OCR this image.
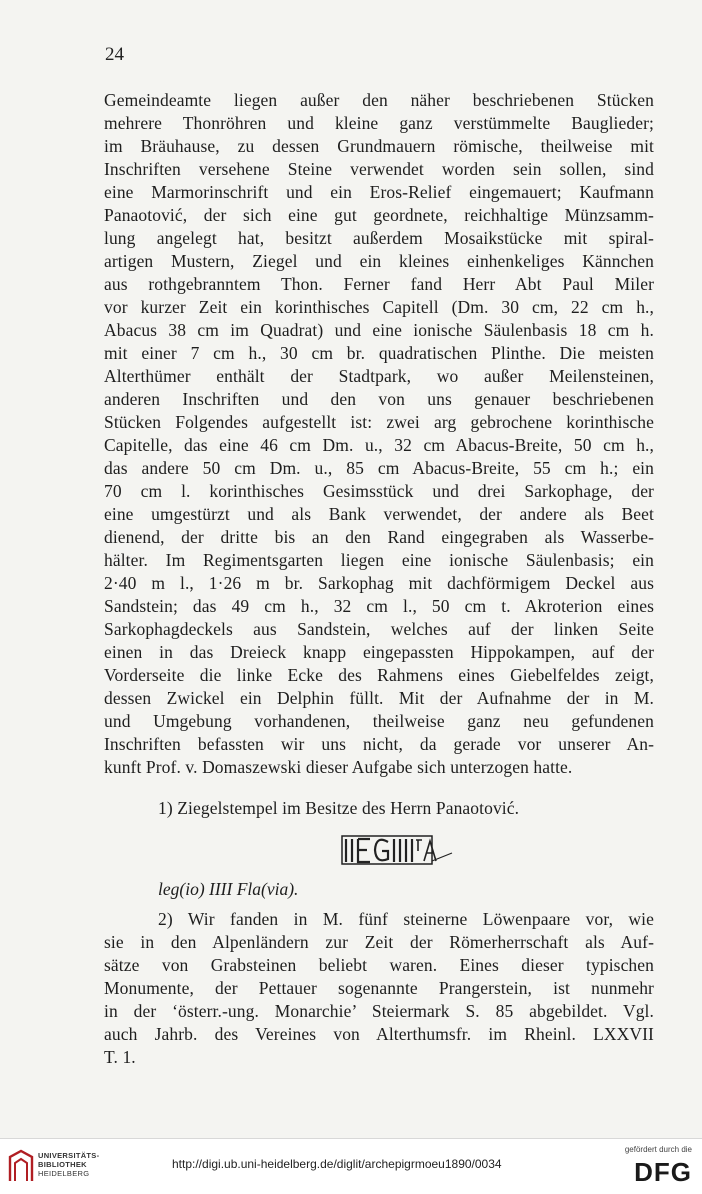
24
Gemeindeamte liegen außer den näher beschriebenen Stücken
mehrere Thonröhren und kleine ganz verstümmelte Bauglieder;
im Bräuhause, zu dessen Grundmauern römische, theilweise mit
Inschriften versehene Steine verwendet worden sein sollen, sind
eine Marmorinschrift und ein Eros-Relief eingemauert; Kaufmann
Panaotović, der sich eine gut geordnete, reichhaltige Münzsamm-
lung angelegt hat, besitzt außerdem Mosaikstücke mit spiral-
artigen Mustern, Ziegel und ein kleines einhenkeliges Kännchen
aus rothgebranntem Thon. Ferner fand Herr Abt Paul Miler
vor kurzer Zeit ein korinthisches Capitell (Dm. 30 cm, 22 cm h.,
Abacus 38 cm im Quadrat) und eine ionische Säulenbasis 18 cm h.
mit einer 7 cm h., 30 cm br. quadratischen Plinthe. Die meisten
Alterthümer enthält der Stadtpark, wo außer Meilensteinen,
anderen Inschriften und den von uns genauer beschriebenen
Stücken Folgendes aufgestellt ist: zwei arg gebrochene korinthische
Capitelle, das eine 46 cm Dm. u., 32 cm Abacus-Breite, 50 cm h.,
das andere 50 cm Dm. u., 85 cm Abacus-Breite, 55 cm h.; ein
70 cm l. korinthisches Gesimsstück und drei Sarkophage, der
eine umgestürzt und als Bank verwendet, der andere als Beet
dienend, der dritte bis an den Rand eingegraben als Wasserbe-
hälter. Im Regimentsgarten liegen eine ionische Säulenbasis; ein
2·40 m l., 1·26 m br. Sarkophag mit dachförmigem Deckel aus
Sandstein; das 49 cm h., 32 cm l., 50 cm t. Akroterion eines
Sarkophagdeckels aus Sandstein, welches auf der linken Seite
einen in das Dreieck knapp eingepassten Hippokampen, auf der
Vorderseite die linke Ecke des Rahmens eines Giebelfeldes zeigt,
dessen Zwickel ein Delphin füllt. Mit der Aufnahme der in M.
und Umgebung vorhandenen, theilweise ganz neu gefundenen
Inschriften befassten wir uns nicht, da gerade vor unserer An-
kunft Prof. v. Domaszewski dieser Aufgabe sich unterzogen hatte.
1) Ziegelstempel im Besitze des Herrn Panaotović.
leg(io) IIII Fla(via).
2) Wir fanden in M. fünf steinerne Löwenpaare vor, wie
sie in den Alpenländern zur Zeit der Römerherrschaft als Auf-
sätze von Grabsteinen beliebt waren. Eines dieser typischen
Monumente, der Pettauer sogenannte Prangerstein, ist nunmehr
in der ‘österr.-ung. Monarchie’ Steiermark S. 85 abgebildet. Vgl.
auch Jahrb. des Vereines von Alterthumsfr. im Rheinl. LXXVII
T. 1.
UNIVERSITÄTS-
BIBLIOTHEK
HEIDELBERG
http://digi.ub.uni-heidelberg.de/diglit/archepigrmoeu1890/0034
gefördert durch die
DFG
